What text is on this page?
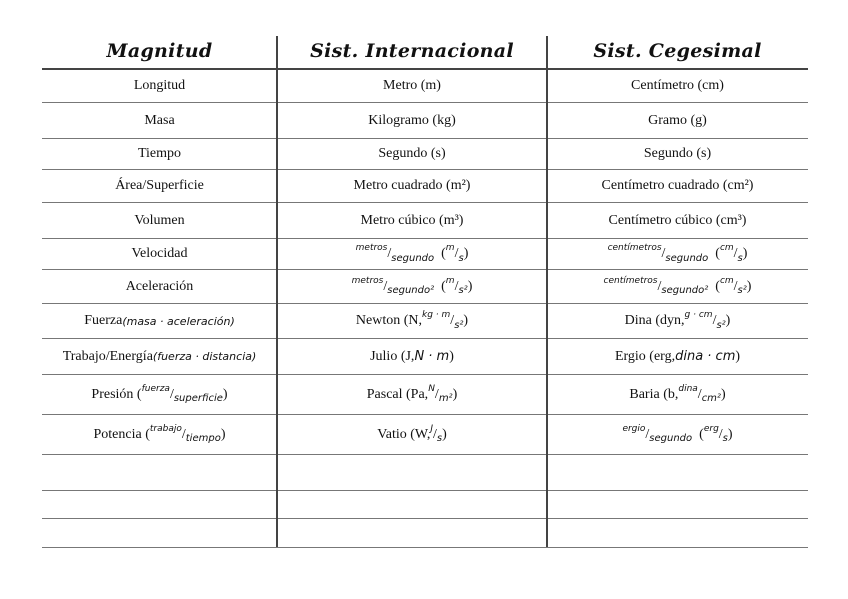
Magnitud	Sist. Internacional	Sist. Cegesimal
Longitud	Metro (m)	Centímetro (cm)
Masa	Kilogramo (kg)	Gramo (g)
Tiempo	Segundo (s)	Segundo (s)
Área/Superficie	Metro cuadrado (m²)	Centímetro cuadrado (cm²)
Volumen	Metro cúbico (m³)	Centímetro cúbico (cm³)
Velocidad	metros / segundo ( m / s )	centímetros / segundo ( cm / s )
Aceleración	metros / segundo² ( m / s² )	centímetros / segundo² ( cm / s² )
Fuerza (masa · aceleración)	Newton (N, kg · m / s² )	Dina (dyn, g · cm / s² )
Trabajo/Energía (fuerza · distancia)	Julio (J, N · m )	Ergio (erg, dina · cm )
Presión ( fuerza / superficie )	Pascal (Pa, N / m² )	Baria (b, dina / cm² )
Potencia ( trabajo / tiempo )	Vatio (W, J / s )	ergio / segundo ( erg / s )
